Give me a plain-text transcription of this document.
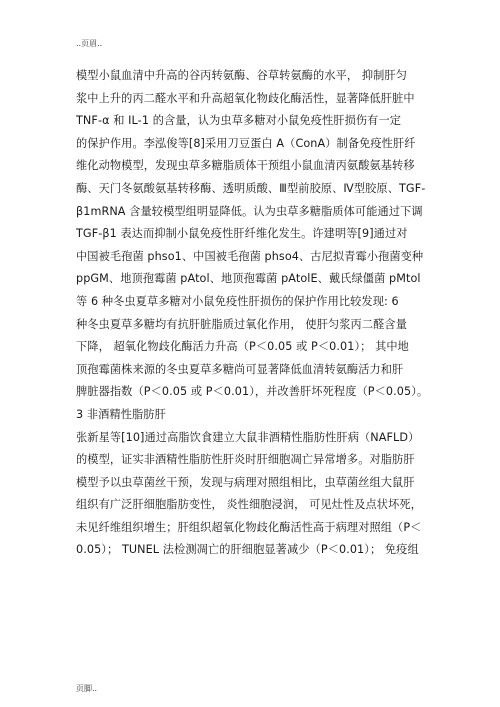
..页眉..
模型小鼠血清中升高的谷丙转氨酶、谷草转氨酶的水平， 抑制肝匀
浆中上升的丙二醛水平和升高超氧化物歧化酶活性，显著降低肝脏中
TNF-α 和 IL-1 的含量，认为虫草多糖对小鼠免疫性肝损伤有一定
的保护作用。李泓俊等[8]采用刀豆蛋白 A（ConA）制备免疫性肝纤
维化动物模型，发现虫草多糖脂质体干预组小鼠血清丙氨酸氨基转移
酶、天门冬氨酸氨基转移酶、透明质酸、Ⅲ型前胶原、Ⅳ型胶原、TGF-
β1mRNA 含量较模型组明显降低。认为虫草多糖脂质体可能通过下调
TGF-β1 表达而抑制小鼠免疫性肝纤维化发生。许建明等[9]通过对
中国被毛孢菌 phso1、中国被毛孢菌 phso4、古尼拟青霉小孢菌变种
ppGM、地顶孢霉菌 pAtol、地顶孢霉菌 pAtolE、戴氏绿僵菌 pMtol
等 6 种冬虫夏草多糖对小鼠免疫性肝损伤的保护作用比较发现: 6
种冬虫夏草多糖均有抗肝脏脂质过氧化作用， 使肝匀浆丙二醛含量
下降， 超氧化物歧化酶活力升高（P＜0.05 或 P＜0.01）； 其中地
顶孢霉菌株来源的冬虫夏草多糖尚可显著降低血清转氨酶活力和肝
脾脏器指数（P＜0.05 或 P＜0.01），并改善肝坏死程度（P＜0.05）。
3 非酒精性脂肪肝
张新星等[10]通过高脂饮食建立大鼠非酒精性脂肪性肝病（NAFLD）
的模型，证实非酒精性脂肪性肝炎时肝细胞凋亡异常增多。对脂肪肝
模型予以虫草菌丝干预，发现与病理对照组相比，虫草菌丝组大鼠肝
组织有广泛肝细胞脂肪变性， 炎性细胞浸润， 可见灶性及点状坏死，
未见纤维组织增生；肝组织超氧化物歧化酶活性高于病理对照组（P＜
0.05）； TUNEL 法检测凋亡的肝细胞显著减少（P＜0.01）； 免疫组
页脚..
